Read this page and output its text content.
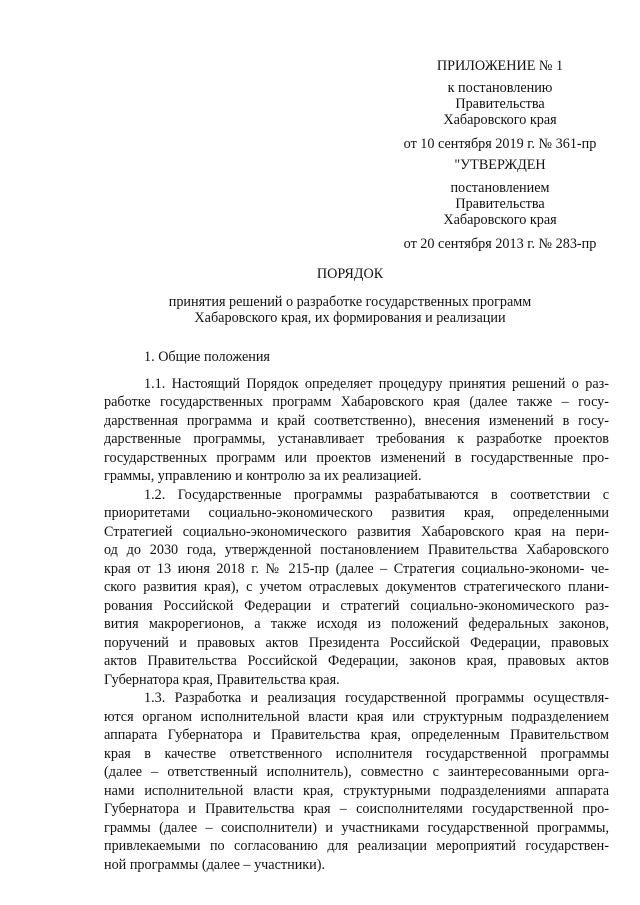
ПРИЛОЖЕНИЕ № 1
к постановлению
Правительства
Хабаровского края
от 10 сентября 2019 г. № 361-пр
"УТВЕРЖДЕН
постановлением
Правительства
Хабаровского края
от 20 сентября 2013 г. № 283-пр
ПОРЯДОК
принятия решений о разработке государственных программ
Хабаровского края, их формирования и реализации
1. Общие положения
1.1. Настоящий Порядок определяет процедуру принятия решений о раз-
работке государственных программ Хабаровского края (далее также – госу-
дарственная программа и край соответственно), внесения изменений в госу-
дарственные программы, устанавливает требования к разработке проектов
государственных программ или проектов изменений в государственные про-
граммы, управлению и контролю за их реализацией.
1.2. Государственные программы разрабатываются в соответствии с
приоритетами социально-экономического развития края, определенными
Стратегией социально-экономического развития Хабаровского края на пери-
од до 2030 года, утвержденной постановлением Правительства Хабаровского
края от 13 июня 2018 г. № 215-пр (далее – Стратегия социально-экономи- че-
ского развития края), с учетом отраслевых документов стратегического плани-
рования Российской Федерации и стратегий социально-экономического раз-
вития макрорегионов, а также исходя из положений федеральных законов,
поручений и правовых актов Президента Российской Федерации, правовых
актов Правительства Российской Федерации, законов края, правовых актов
Губернатора края, Правительства края.
1.3. Разработка и реализация государственной программы осуществля-
ются органом исполнительной власти края или структурным подразделением
аппарата Губернатора и Правительства края, определенным Правительством
края в качестве ответственного исполнителя государственной программы
(далее – ответственный исполнитель), совместно с заинтересованными орга-
нами исполнительной власти края, структурными подразделениями аппарата
Губернатора и Правительства края – соисполнителями государственной про-
граммы (далее – соисполнители) и участниками государственной программы,
привлекаемыми по согласованию для реализации мероприятий государствен-
ной программы (далее – участники).
